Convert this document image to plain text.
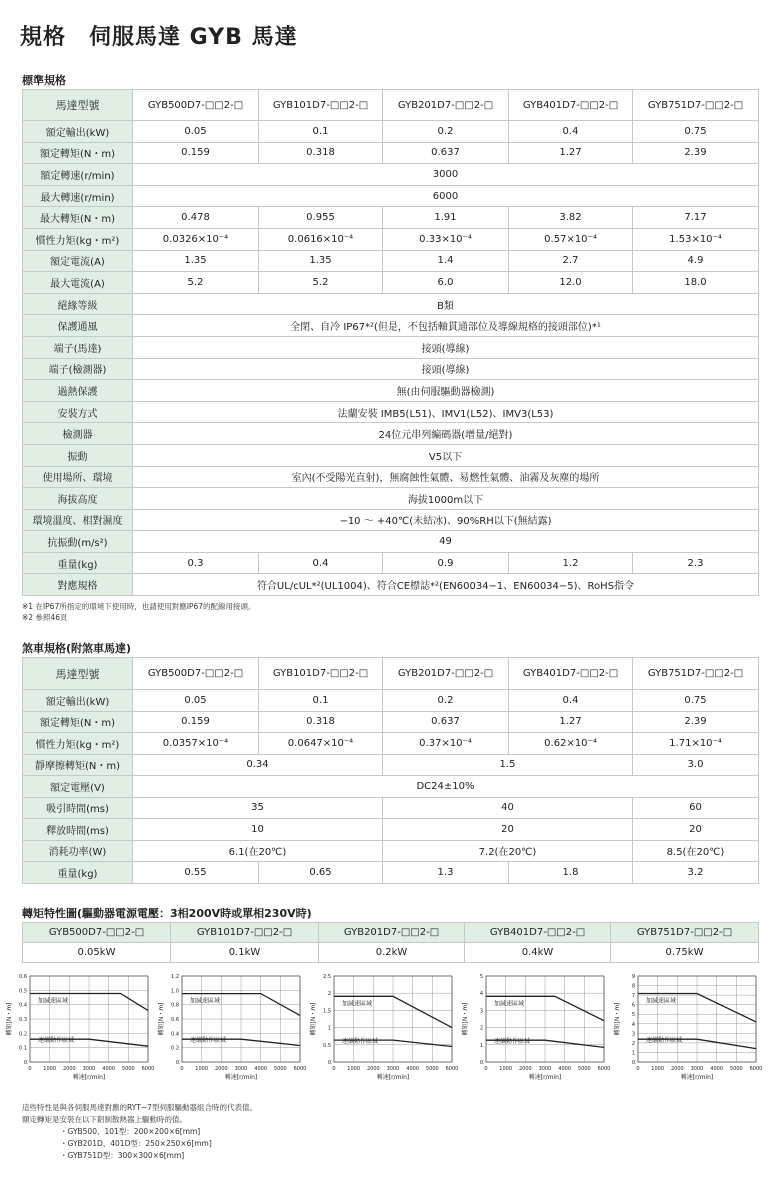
規格　伺服馬達 GYB 馬達
標準規格
馬達型號	GYB500D7-□□2-□	GYB101D7-□□2-□	GYB201D7-□□2-□	GYB401D7-□□2-□	GYB751D7-□□2-□
額定輸出(kW)	0.05	0.1	0.2	0.4	0.75
額定轉矩(N・m)	0.159	0.318	0.637	1.27	2.39
額定轉速(r/min)	3000				
最大轉速(r/min)	6000				
最大轉矩(N・m)	0.478	0.955	1.91	3.82	7.17
慣性力矩(kg・m²)	0.0326×10⁻⁴	0.0616×10⁻⁴	0.33×10⁻⁴	0.57×10⁻⁴	1.53×10⁻⁴
額定電流(A)	1.35	1.35	1.4	2.7	4.9
最大電流(A)	5.2	5.2	6.0	12.0	18.0
絕緣等級	B類				
保護通風	全閉、自冷 IP67*²(但是，不包括軸貫通部位及導線規格的接頭部位)*¹				
端子(馬達)	接頭(導線)				
端子(檢測器)	接頭(導線)				
過熱保護	無(由伺服驅動器檢測)				
安裝方式	法蘭安裝 IMB5(L51)、IMV1(L52)、IMV3(L53)				
檢測器	24位元串列編碼器(增量/絕對)				
振動	V5以下				
使用場所、環境	室內(不受陽光直射)，無腐蝕性氣體、易燃性氣體、油霧及灰塵的場所				
海拔高度	海拔1000m以下				
環境溫度、相對濕度	−10 ～ +40℃(未結冰)、90%RH以下(無結露)				
抗振動(m/s²)	49				
重量(kg)	0.3	0.4	0.9	1.2	2.3
對應規格	符合UL/cUL*²(UL1004)、符合CE標誌*²(EN60034−1、EN60034−5)、RoHS指令				
※1 在IP67所指定的環境下使用時，也請使用對應IP67的配線用接頭。
※2 參照46頁
煞車規格(附煞車馬達)
馬達型號	GYB500D7-□□2-□	GYB101D7-□□2-□	GYB201D7-□□2-□	GYB401D7-□□2-□	GYB751D7-□□2-□
額定輸出(kW)	0.05	0.1	0.2	0.4	0.75
額定轉矩(N・m)	0.159	0.318	0.637	1.27	2.39
慣性力矩(kg・m²)	0.0357×10⁻⁴	0.0647×10⁻⁴	0.37×10⁻⁴	0.62×10⁻⁴	1.71×10⁻⁴
靜摩擦轉矩(N・m)	0.34		1.5		3.0
額定電壓(V)	DC24±10%				
吸引時間(ms)	35		40		60
釋放時間(ms)	10		20		20
消耗功率(W)	6.1(在20℃)		7.2(在20℃)		8.5(在20℃)
重量(kg)	0.55	0.65	1.3	1.8	3.2
轉矩特性圖(驅動器電源電壓：3相200V時或單相230V時)
GYB500D7-□□2-□	GYB101D7-□□2-□	GYB201D7-□□2-□	GYB401D7-□□2-□	GYB751D7-□□2-□
0.05kW	0.1kW	0.2kW	0.4kW	0.75kW
0 1000 2000 3000 4000 5000 6000
0
0.1
0.2
0.3
0.4
0.5
0.6
加減速區域
連續動作區域
轉速[r/min]
轉矩[N・m]
0 1000 2000 3000 4000 5000 6000
0
0.2
0.4
0.6
0.8
1.0
1.2
加減速區域
連續動作區域
轉速[r/min]
轉矩[N・m]
0 1000 2000 3000 4000 5000 6000
0
0.5
1
1.5
2
2.5
加減速區域
連續動作區域
轉速[r/min]
轉矩[N・m]
0 1000 2000 3000 4000 5000 6000
0
1
2
3
4
5
加減速區域
連續動作區域
轉速[r/min]
轉矩[N・m]
0 1000 2000 3000 4000 5000 6000
0
1
2
3
4
5
6
7
8
9
加減速區域
連續動作區域
轉速[r/min]
轉矩[N・m]
這些特性是與各伺服馬達對應的RYT−7型伺服驅動器組合時的代表值。
額定轉矩是安裝在以下鋁制散熱器上驅動時的值。
・GYB500、101型：200×200×6[mm]
・GYB201D、401D型：250×250×6[mm]
・GYB751D型：300×300×6[mm]
